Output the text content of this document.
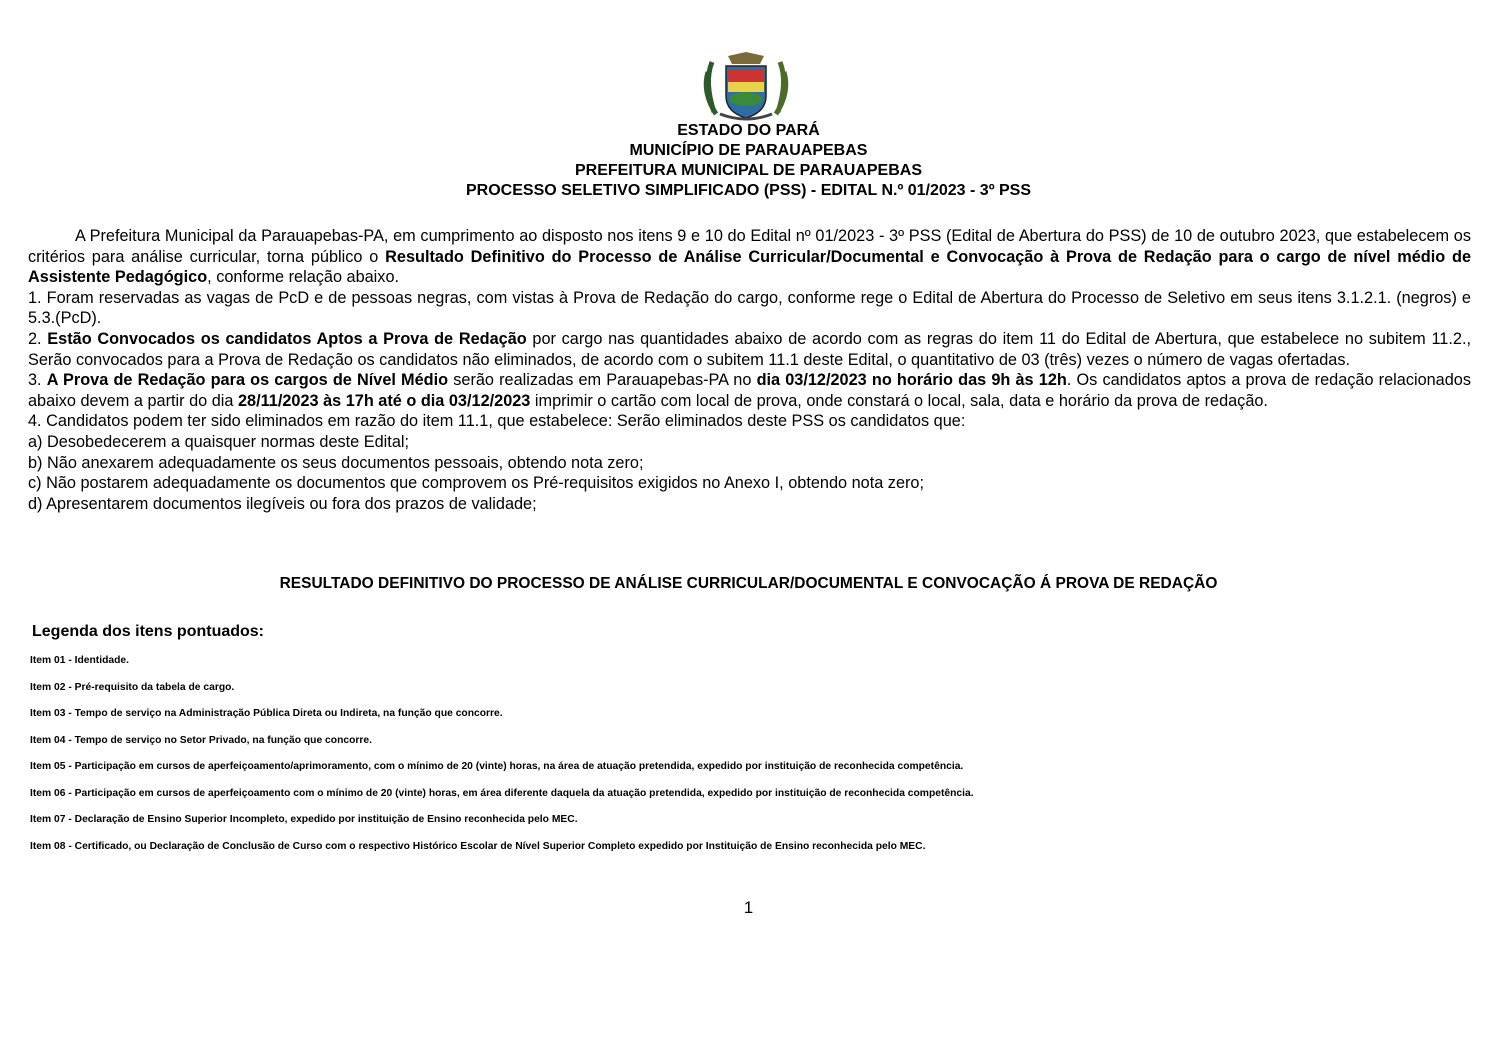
ESTADO DO PARÁ
MUNICÍPIO DE PARAUAPEBAS
PREFEITURA MUNICIPAL DE PARAUAPEBAS
PROCESSO SELETIVO SIMPLIFICADO (PSS) - EDITAL N.º 01/2023 - 3º PSS

A Prefeitura Municipal da Parauapebas-PA, em cumprimento ao disposto nos itens 9 e 10 do Edital nº 01/2023 - 3º PSS (Edital de Abertura do PSS) de 10 de outubro 2023, que estabelecem os critérios para análise curricular, torna público o Resultado Definitivo do Processo de Análise Curricular/Documental e Convocação à Prova de Redação para o cargo de nível médio de Assistente Pedagógico, conforme relação abaixo.

1. Foram reservadas as vagas de PcD e de pessoas negras, com vistas à Prova de Redação do cargo, conforme rege o Edital de Abertura do Processo de Seletivo em seus itens 3.1.2.1. (negros) e 5.3.(PcD).

2. Estão Convocados os candidatos Aptos a Prova de Redação por cargo nas quantidades abaixo de acordo com as regras do item 11 do Edital de Abertura, que estabelece no subitem 11.2., Serão convocados para a Prova de Redação os candidatos não eliminados, de acordo com o subitem 11.1 deste Edital, o quantitativo de 03 (três) vezes o número de vagas ofertadas.

3. A Prova de Redação para os cargos de Nível Médio serão realizadas em Parauapebas-PA no dia 03/12/2023 no horário das 9h às 12h. Os candidatos aptos a prova de redação relacionados abaixo devem a partir do dia 28/11/2023 às 17h até o dia 03/12/2023 imprimir o cartão com local de prova, onde constará o local, sala, data e horário da prova de redação.

4. Candidatos podem ter sido eliminados em razão do item 11.1, que estabelece: Serão eliminados deste PSS os candidatos que:

a) Desobedecerem a quaisquer normas deste Edital;

b) Não anexarem adequadamente os seus documentos pessoais, obtendo nota zero;

c) Não postarem adequadamente os documentos que comprovem os Pré-requisitos exigidos no Anexo I, obtendo nota zero;

d) Apresentarem documentos ilegíveis ou fora dos prazos de validade;

RESULTADO DEFINITIVO DO PROCESSO DE ANÁLISE CURRICULAR/DOCUMENTAL E CONVOCAÇÃO Á PROVA DE REDAÇÃO
Legenda dos itens pontuados:
Item 01 - Identidade.
Item 02 - Pré-requisito da tabela de cargo.
Item 03 - Tempo de serviço na Administração Pública Direta ou Indireta, na função que concorre.
Item 04 - Tempo de serviço no Setor Privado, na função que concorre.
Item 05 - Participação em cursos de aperfeiçoamento/aprimoramento, com o mínimo de 20 (vinte) horas, na área de atuação pretendida, expedido por instituição de reconhecida competência.
Item 06 - Participação em cursos de aperfeiçoamento com o mínimo de 20 (vinte) horas, em área diferente daquela da atuação pretendida, expedido por instituição de reconhecida competência.
Item 07 - Declaração de Ensino Superior Incompleto, expedido por instituição de Ensino reconhecida pelo MEC.
Item 08 - Certificado, ou Declaração de Conclusão de Curso com o respectivo Histórico Escolar de Nível Superior Completo expedido por Instituição de Ensino reconhecida pelo MEC.
1
